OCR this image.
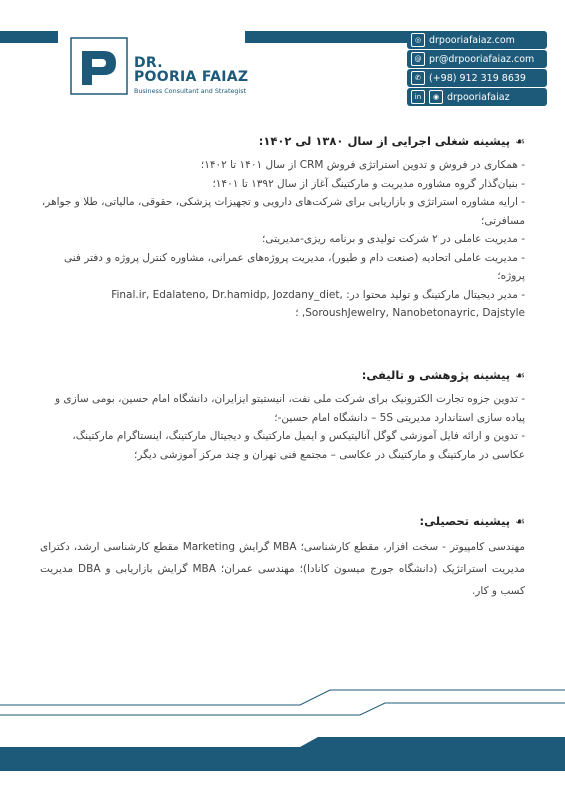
DR.
POORIA FAIAZ
Business Consultant and Strategist
◎ drpooriafaiaz.com
@ pr@drpooriafaiaz.com
✆ (+98) 912 319 8639
in	◉ drpooriafaiaz
☙
پیشینه شغلی اجرایی از سال ۱۳۸۰ لی ۱۴۰۲:
- همکاری در فروش و تدوین استراتژی فروش CRM از سال ۱۴۰۱ تا ۱۴۰۲؛
- بنیان‌گذار گروه مشاوره مدیریت و مارکتینگ آغاز از سال ۱۳۹۲ تا ۱۴۰۱؛
- ارایه مشاوره استراتژی و بازاریابی برای شرکت‌های دارویی و تجهیزات پزشکی، حقوقی، مالیاتی، طلا و جواهر، مسافرتی؛
- مدیریت عاملی در ۲ شرکت تولیدی و برنامه ریزی-مدیریتی؛
- مدیریت عاملی اتحادیه (صنعت دام و طیور)، مدیریت پروژه‌های عمرانی، مشاوره کنترل پروژه و دفتر فنی پروژه؛
- مدیر دیجیتال مارکتینگ و تولید محتوا در: Final.ir, Edalateno, Dr.hamidp, Jozdany_diet, SoroushJewelry, Nanobetonayric, Dajstyle, ؛
☙
پیشینه پژوهشی و تالیفی:
- تدوین جزوه تجارت الکترونیک برای شرکت ملی نفت، انیستیتو ایزایران، دانشگاه امام حسین، بومی سازی و پیاده سازی استاندارد مدیریتی 5S – دانشگاه امام حسین-؛
- تدوین و ارائه فایل آموزشی گوگل آنالیتیکس و ایمیل مارکتینگ و دیجیتال مارکتینگ، اینستاگرام مارکتینگ، عکاسی در مارکتینگ و مارکتینگ در عکاسی – مجتمع فنی تهران و چند مرکز آموزشی دیگر؛
☙
پیشینه تحصیلی:

مهندسی کامپیوتر - سخت افزار، مقطع کارشناسی؛ MBA گرایش Marketing مقطع کارشناسی ارشد، دکترای مدیریت استراتژیک (دانشگاه جورج میسون کانادا)؛ مهندسی عمران؛ MBA گرایش بازاریابی و DBA مدیریت کسب و کار.
